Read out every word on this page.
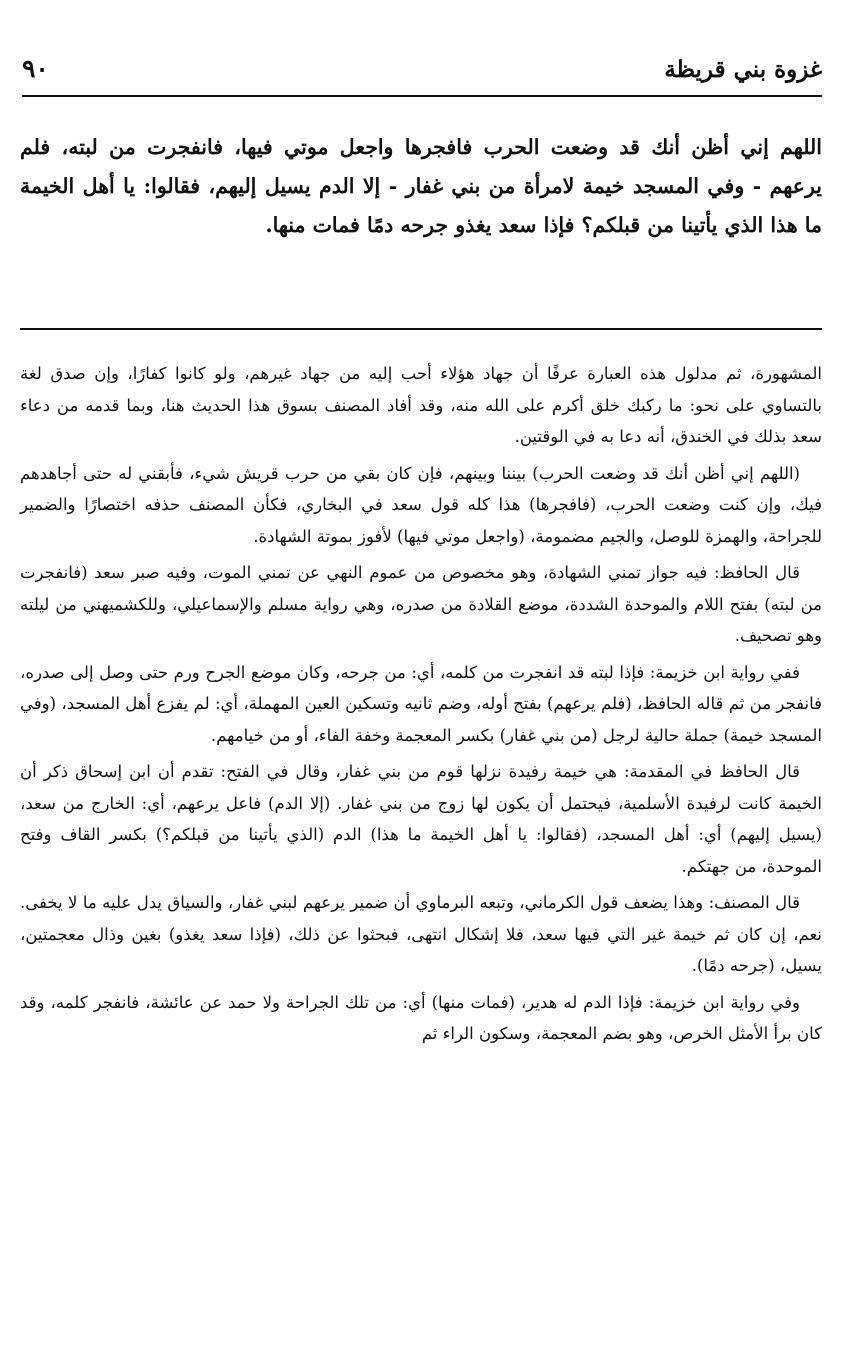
غزوة بني قريظة
٩٠
اللهم إني أظن أنك قد وضعت الحرب فافجرها واجعل موتي فيها، فانفجرت من لبته، فلم يرعهم - وفي المسجد خيمة لامرأة من بني غفار - إلا الدم يسيل إليهم، فقالوا: يا أهل الخيمة ما هذا الذي يأتينا من قبلكم؟ فإذا سعد يغذو جرحه دمًا فمات منها.

المشهورة، ثم مدلول هذه العبارة عرفًا أن جهاد هؤلاء أحب إليه من جهاد غيرهم، ولو كانوا كفارًا، وإن صدق لغة بالتساوي على نحو: ما ركبك خلق أكرم على الله منه، وقد أفاد المصنف بسوق هذا الحديث هنا، وبما قدمه من دعاء سعد بذلك في الخندق، أنه دعا به في الوقتين.

(اللهم إني أظن أنك قد وضعت الحرب) بيننا وبينهم، فإن كان بقي من حرب قريش شيء، فأبقني له حتى أجاهدهم فيك، وإن كنت وضعت الحرب، (فافجرها) هذا كله قول سعد في البخاري، فكأن المصنف حذفه اختصارًا والضمير للجراحة، والهمزة للوصل، والجيم مضمومة، (واجعل موتي فيها) لأفوز بموتة الشهادة.

قال الحافظ: فيه جواز تمني الشهادة، وهو مخصوص من عموم النهي عن تمني الموت، وفيه صبر سعد (فانفجرت من لبته) بفتح اللام والموحدة الشددة، موضع القلادة من صدره، وهي رواية مسلم والإسماعيلي، وللكشميهني من ليلته وهو تصحيف.

ففي رواية ابن خزيمة: فإذا لبته قد انفجرت من كلمه، أي: من جرحه، وكان موضع الجرح ورم حتى وصل إلى صدره، فانفجر من ثم قاله الحافظ، (فلم يرعهم) بفتح أوله، وضم ثانيه وتسكين العين المهملة، أي: لم يفزع أهل المسجد، (وفي المسجد خيمة) جملة حالية لرجل (من بني غفار) بكسر المعجمة وخفة الفاء، أو من خيامهم.

قال الحافظ في المقدمة: هي خيمة رفيدة نزلها قوم من بني غفار، وقال في الفتح: تقدم أن ابن إسحاق ذكر أن الخيمة كانت لرفيدة الأسلمية، فيحتمل أن يكون لها زوج من بني غفار. (إلا الدم) فاعل يرعهم، أي: الخارج من سعد، (يسيل إليهم) أي: أهل المسجد، (فقالوا: يا أهل الخيمة ما هذا) الدم (الذي يأتينا من قبلكم؟) بكسر القاف وفتح الموحدة، من جهتكم.

قال المصنف: وهذا يضعف قول الكرماني، وتبعه البرماوي أن ضمير يرعهم لبني غفار، والسياق يدل عليه ما لا يخفى. نعم، إن كان ثم خيمة غير التي فيها سعد، فلا إشكال انتهى، فبحثوا عن ذلك، (فإذا سعد يغذو) بغين وذال معجمتين، يسيل، (جرحه دمًا).

وفي رواية ابن خزيمة: فإذا الدم له هدير، (فمات منها) أي: من تلك الجراحة ولا حمد عن عائشة، فانفجر كلمه، وقد كان برأ الأمثل الخرص، وهو بضم المعجمة، وسكون الراء ثم
